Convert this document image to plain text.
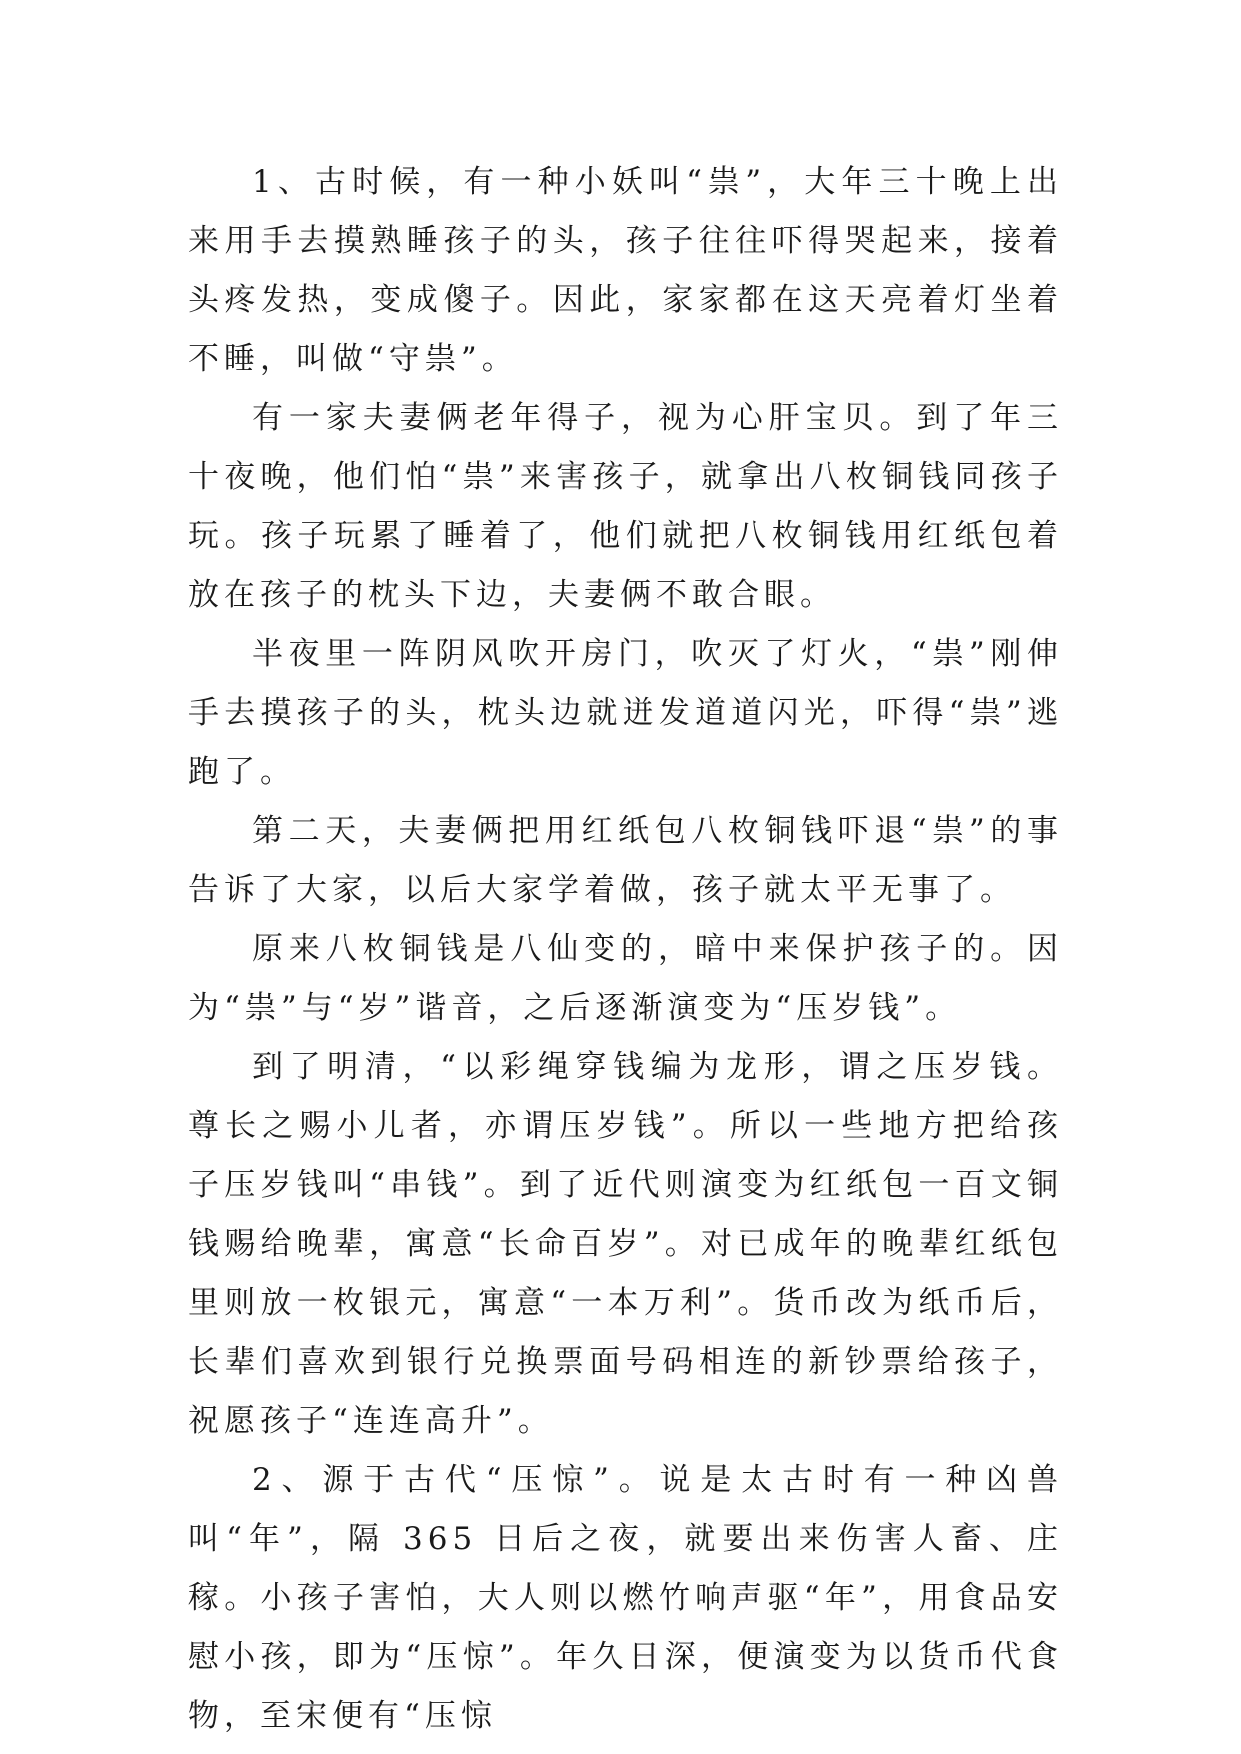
1、古时候，有一种小妖叫“祟”，大年三十晚上出来用手去摸熟睡孩子的头，孩子往往吓得哭起来，接着头疼发热，变成傻子。因此，家家都在这天亮着灯坐着不睡，叫做“守祟”。

有一家夫妻俩老年得子，视为心肝宝贝。到了年三十夜晚，他们怕“祟”来害孩子，就拿出八枚铜钱同孩子玩。孩子玩累了睡着了，他们就把八枚铜钱用红纸包着放在孩子的枕头下边，夫妻俩不敢合眼。

半夜里一阵阴风吹开房门，吹灭了灯火，“祟”刚伸手去摸孩子的头，枕头边就迸发道道闪光，吓得“祟”逃跑了。

第二天，夫妻俩把用红纸包八枚铜钱吓退“祟”的事告诉了大家，以后大家学着做，孩子就太平无事了。

原来八枚铜钱是八仙变的，暗中来保护孩子的。因为“祟”与“岁”谐音，之后逐渐演变为“压岁钱”。

到了明清，“以彩绳穿钱编为龙形，谓之压岁钱。尊长之赐小儿者，亦谓压岁钱”。所以一些地方把给孩子压岁钱叫“串钱”。到了近代则演变为红纸包一百文铜钱赐给晚辈，寓意“长命百岁”。对已成年的晚辈红纸包里则放一枚银元，寓意“一本万利”。货币改为纸币后，长辈们喜欢到银行兑换票面号码相连的新钞票给孩子，祝愿孩子“连连高升”。

2、源于古代“压惊”。说是太古时有一种凶兽叫“年”，隔 365 日后之夜，就要出来伤害人畜、庄稼。小孩子害怕，大人则以燃竹响声驱“年”，用食品安慰小孩，即为“压惊”。年久日深，便演变为以货币代食物，至宋便有“压惊
